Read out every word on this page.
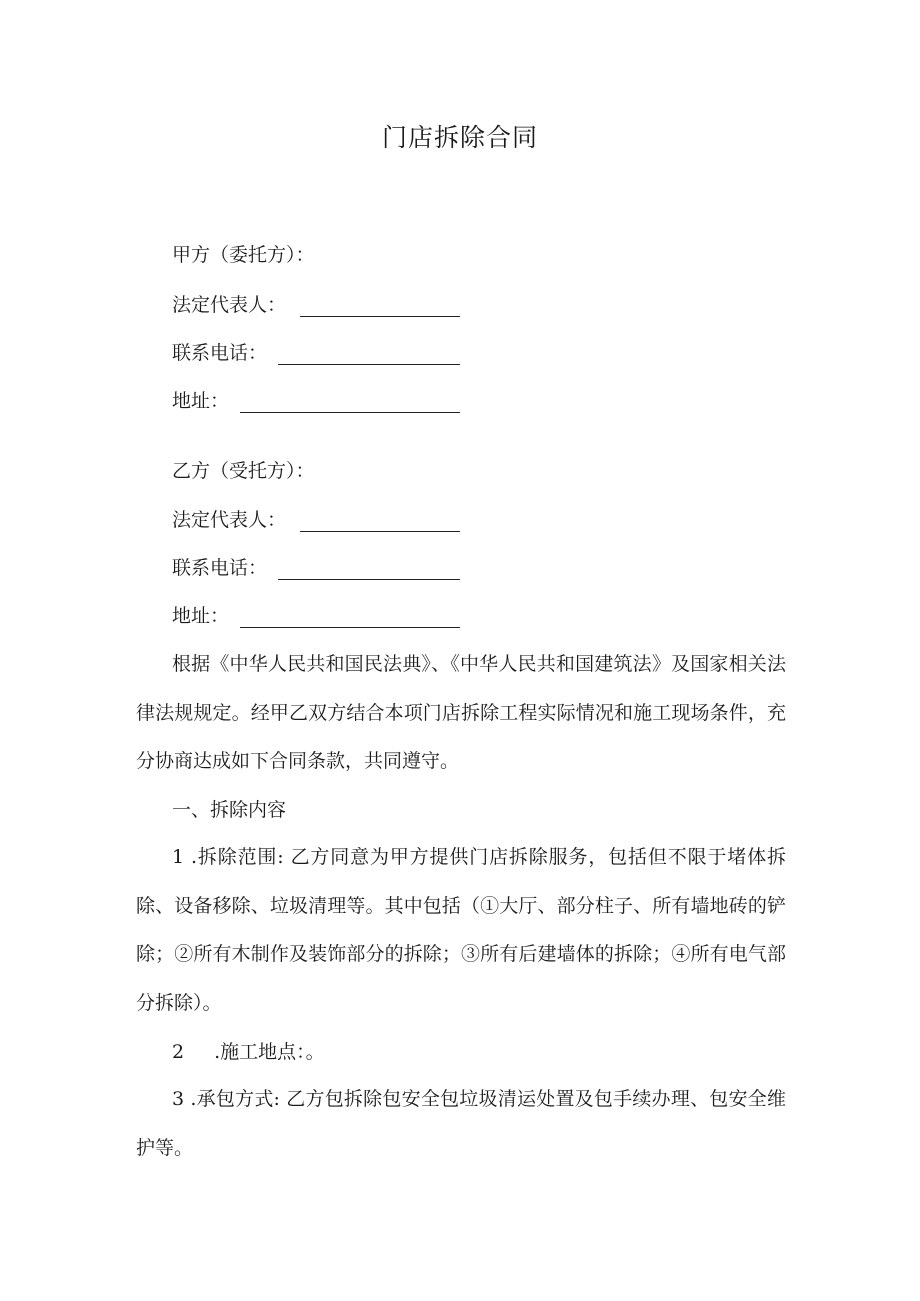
门店拆除合同
甲方（委托方）：
法定代表人：
联系电话：
地址：
乙方（受托方）：
法定代表人：
联系电话：
地址：

根据《中华人民共和国民法典》、《中华人民共和国建筑法》及国家相关法律法规规定。经甲乙双方结合本项门店拆除工程实际情况和施工现场条件，充分协商达成如下合同条款，共同遵守。

一、拆除内容
1 .拆除范围: 乙方同意为甲方提供门店拆除服务，包括但不限于堵体拆除、设备移除、垃圾清理等。其中包括（①大厅、部分柱子、所有墙地砖的铲除；②所有木制作及装饰部分的拆除；③所有后建墙体的拆除；④所有电气部分拆除）。
2 .施工地点：。
3 .承包方式: 乙方包拆除包安全包垃圾清运处置及包手续办理、包安全维护等。
